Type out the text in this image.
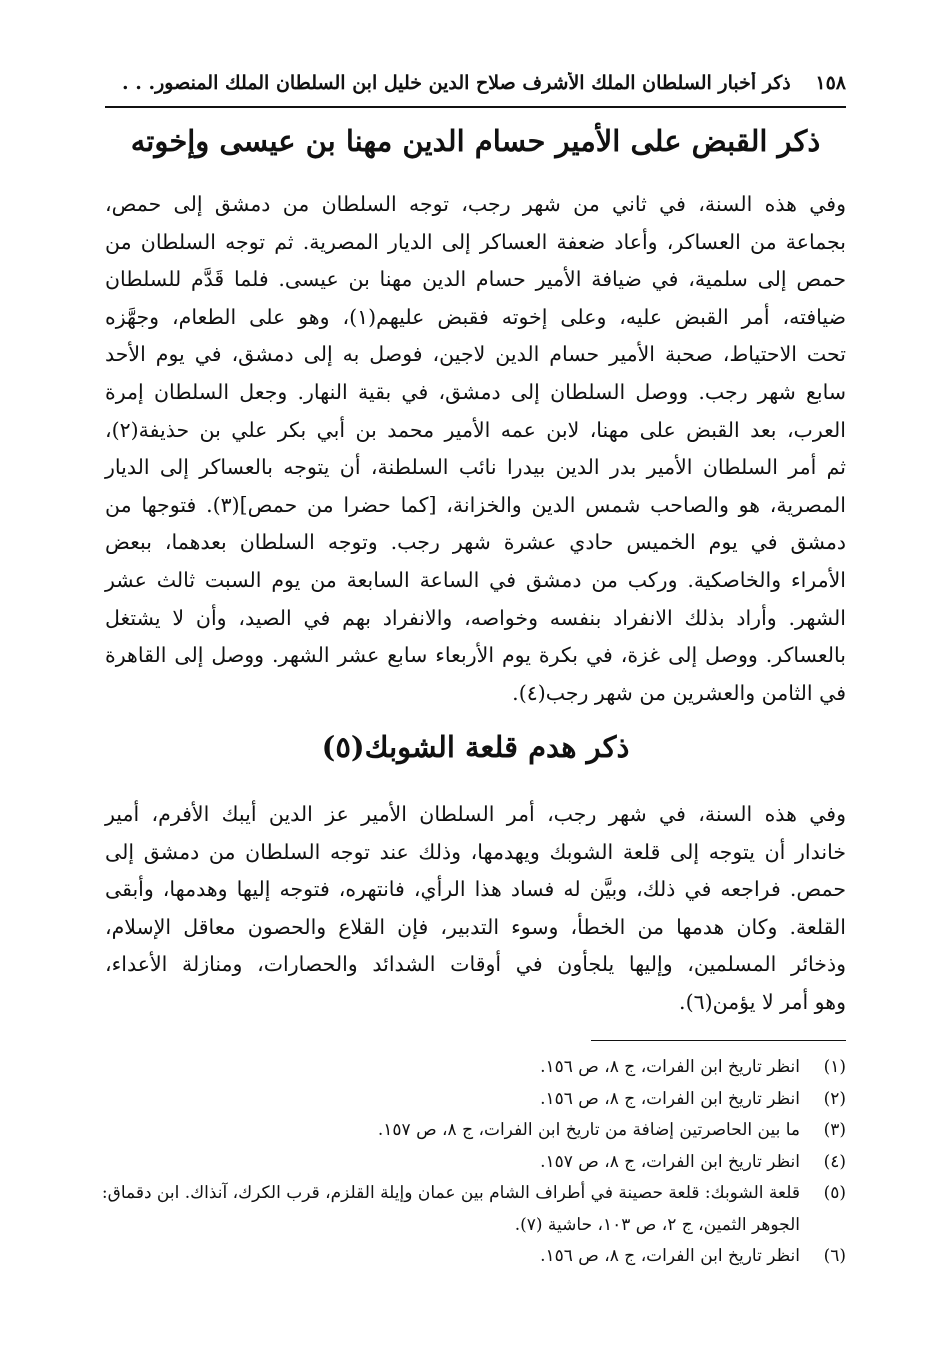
١٥٨ ذكر أخبار السلطان الملك الأشرف صلاح الدين خليل ابن السلطان الملك المنصور. . .
ذكر القبض على الأمير حسام الدين مهنا بن عيسى وإخوته
وفي هذه السنة، في ثاني من شهر رجب، توجه السلطان من دمشق إلى حمص،
بجماعة من العساكر، وأعاد ضعفة العساكر إلى الديار المصرية. ثم توجه السلطان من
حمص إلى سلمية، في ضيافة الأمير حسام الدين مهنا بن عيسى. فلما قَدَّم للسلطان
ضيافته، أمر القبض عليه، وعلى إخوته فقبض عليهم(١)، وهو على الطعام، وجهَّزه
تحت الاحتياط، صحبة الأمير حسام الدين لاجين، فوصل به إلى دمشق، في يوم الأحد
سابع شهر رجب. ووصل السلطان إلى دمشق، في بقية النهار. وجعل السلطان إمرة
العرب، بعد القبض على مهنا، لابن عمه الأمير محمد بن أبي بكر علي بن حذيفة(٢)،
ثم أمر السلطان الأمير بدر الدين بيدرا نائب السلطنة، أن يتوجه بالعساكر إلى الديار
المصرية، هو والصاحب شمس الدين والخزانة، [كما حضرا من حمص](٣). فتوجها من
دمشق في يوم الخميس حادي عشرة شهر رجب. وتوجه السلطان بعدهما، ببعض
الأمراء والخاصكية. وركب من دمشق في الساعة السابعة من يوم السبت ثالث عشر
الشهر. وأراد بذلك الانفراد بنفسه وخواصه، والانفراد بهم في الصيد، وأن لا يشتغل
بالعساكر. ووصل إلى غزة، في بكرة يوم الأربعاء سابع عشر الشهر. ووصل إلى القاهرة
في الثامن والعشرين من شهر رجب(٤).
ذكر هدم قلعة الشوبك(٥)
وفي هذه السنة، في شهر رجب، أمر السلطان الأمير عز الدين أيبك الأفرم، أمير
خاندار أن يتوجه إلى قلعة الشوبك ويهدمها، وذلك عند توجه السلطان من دمشق إلى
حمص. فراجعه في ذلك، وبيَّن له فساد هذا الرأي، فانتهره، فتوجه إليها وهدمها، وأبقى
القلعة. وكان هدمها من الخطأ، وسوء التدبير، فإن القلاع والحصون معاقل الإسلام،
وذخائر المسلمين، وإليها يلجأون في أوقات الشدائد والحصارات، ومنازلة الأعداء،
وهو أمر لا يؤمن(٦).
(١)
انظر تاريخ ابن الفرات، ج ٨، ص ١٥٦.
(٢)
انظر تاريخ ابن الفرات، ج ٨، ص ١٥٦.
(٣)
ما بين الحاصرتين إضافة من تاريخ ابن الفرات، ج ٨، ص ١٥٧.
(٤)
انظر تاريخ ابن الفرات، ج ٨، ص ١٥٧.
(٥)
قلعة الشوبك: قلعة حصينة في أطراف الشام بين عمان وإيلة القلزم، قرب الكرك، آنذاك. ابن دقماق:
الجوهر الثمين، ج ٢، ص ١٠٣، حاشية (٧).
(٦)
انظر تاريخ ابن الفرات، ج ٨، ص ١٥٦.
